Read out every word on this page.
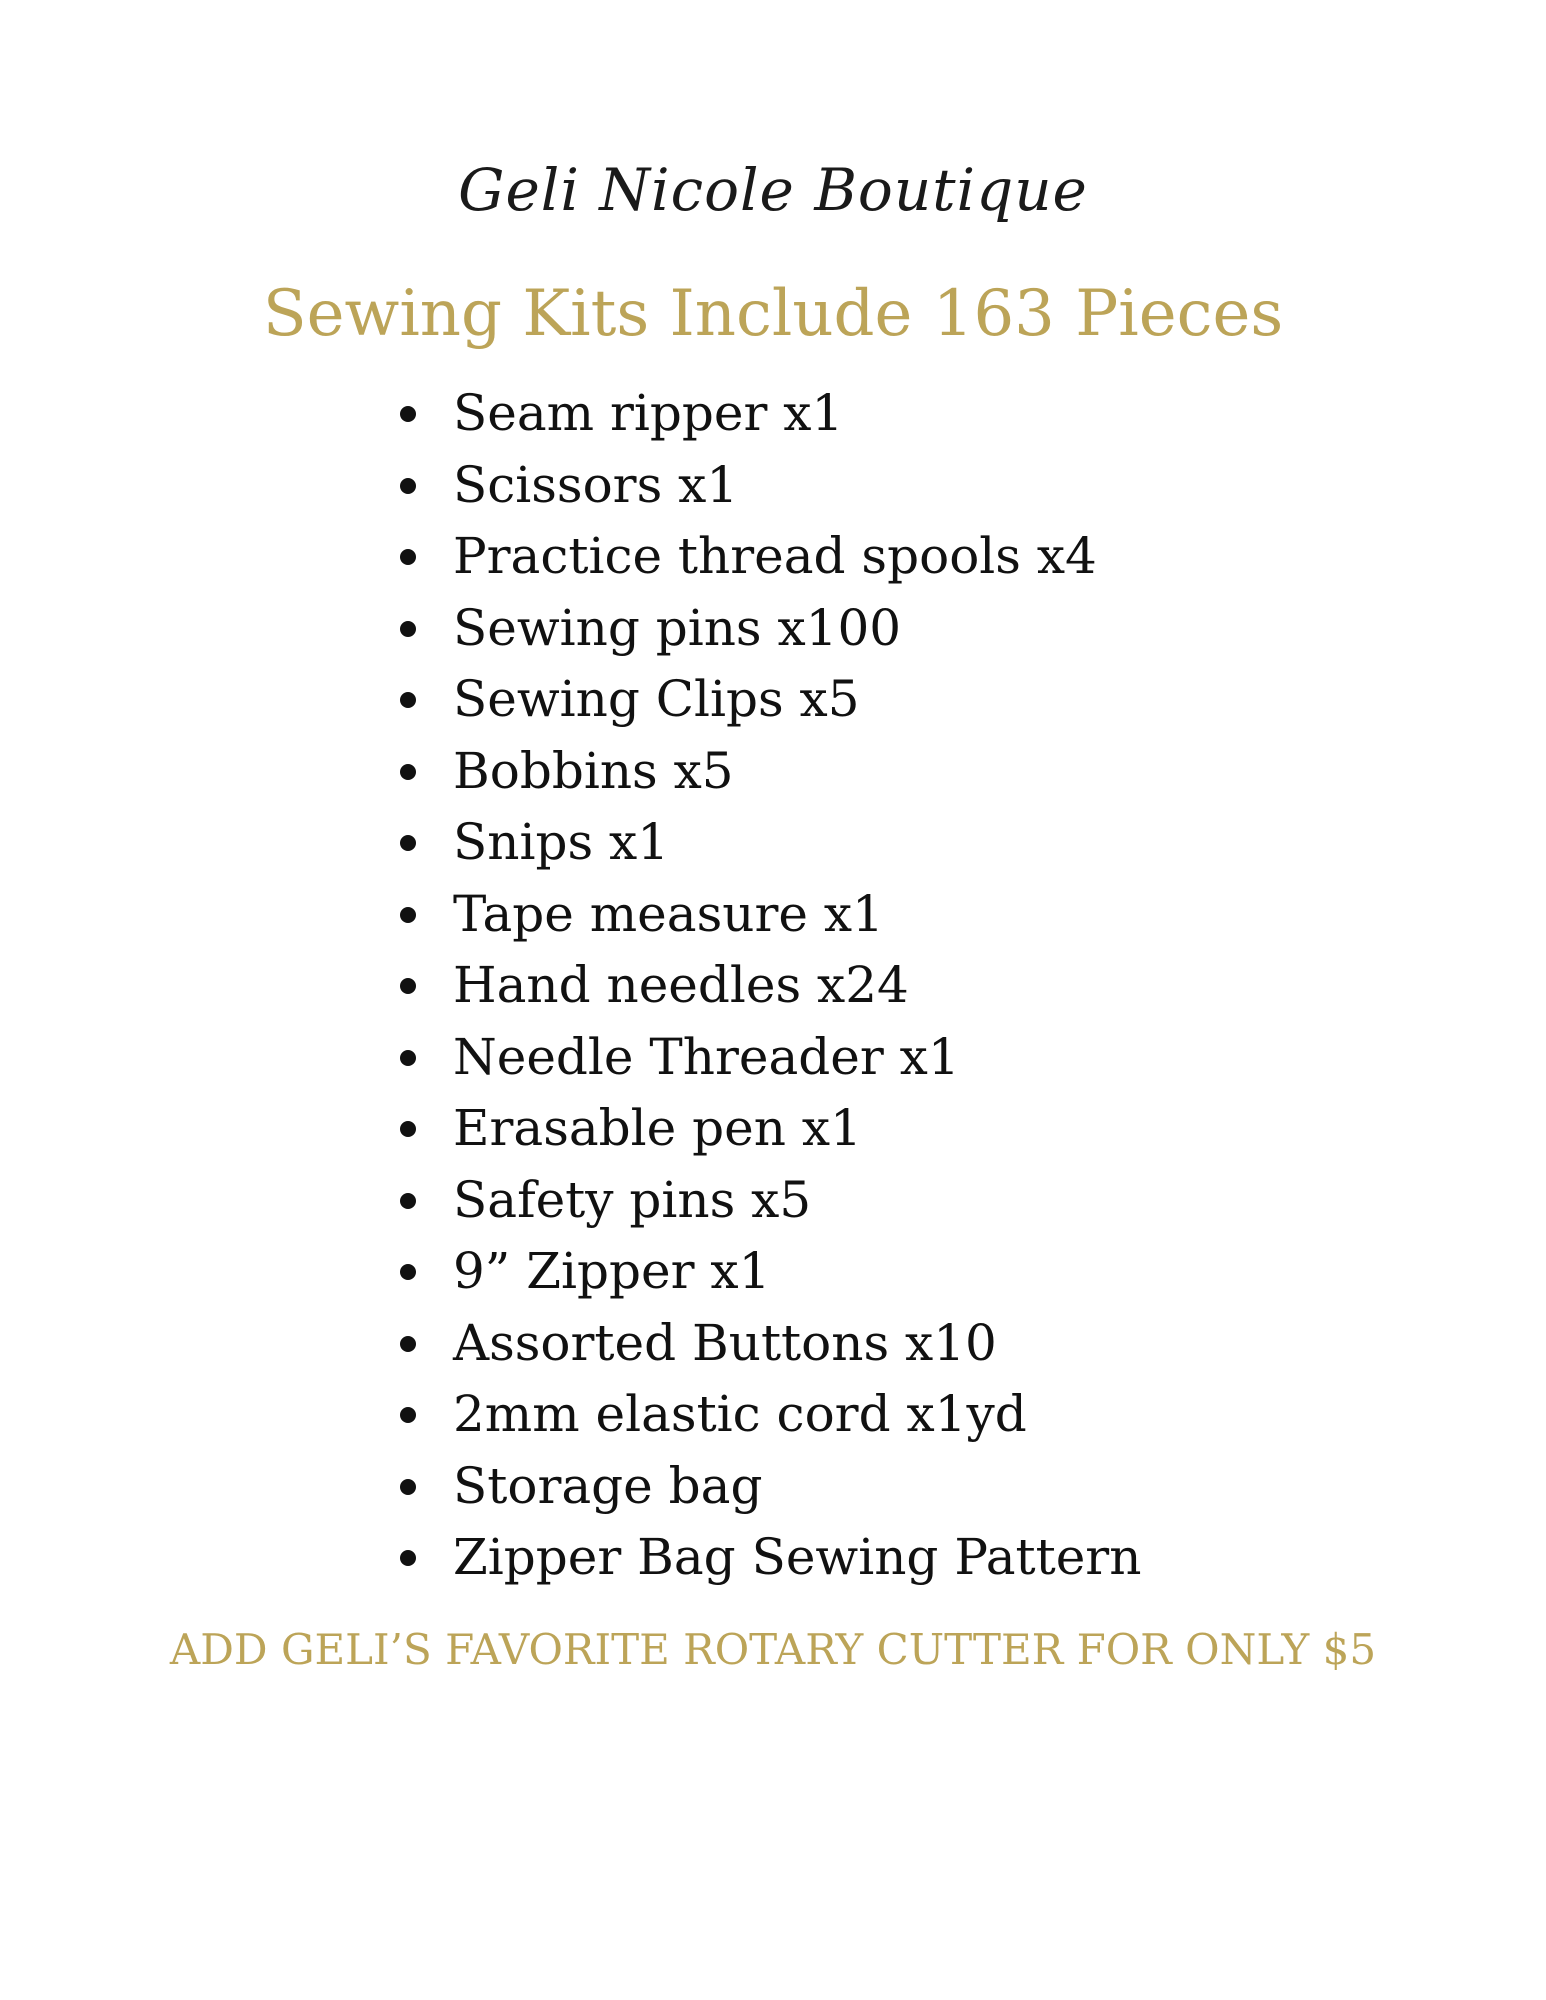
Geli Nicole Boutique
Sewing Kits Include 163 Pieces
Seam ripper x1
Scissors x1
Practice thread spools x4
Sewing pins x100
Sewing Clips x5
Bobbins x5
Snips x1
Tape measure x1
Hand needles x24
Needle Threader x1
Erasable pen x1
Safety pins x5
9” Zipper x1
Assorted Buttons x10
2mm elastic cord x1yd
Storage bag
Zipper Bag Sewing Pattern
ADD GELI’S FAVORITE ROTARY CUTTER FOR ONLY $5
